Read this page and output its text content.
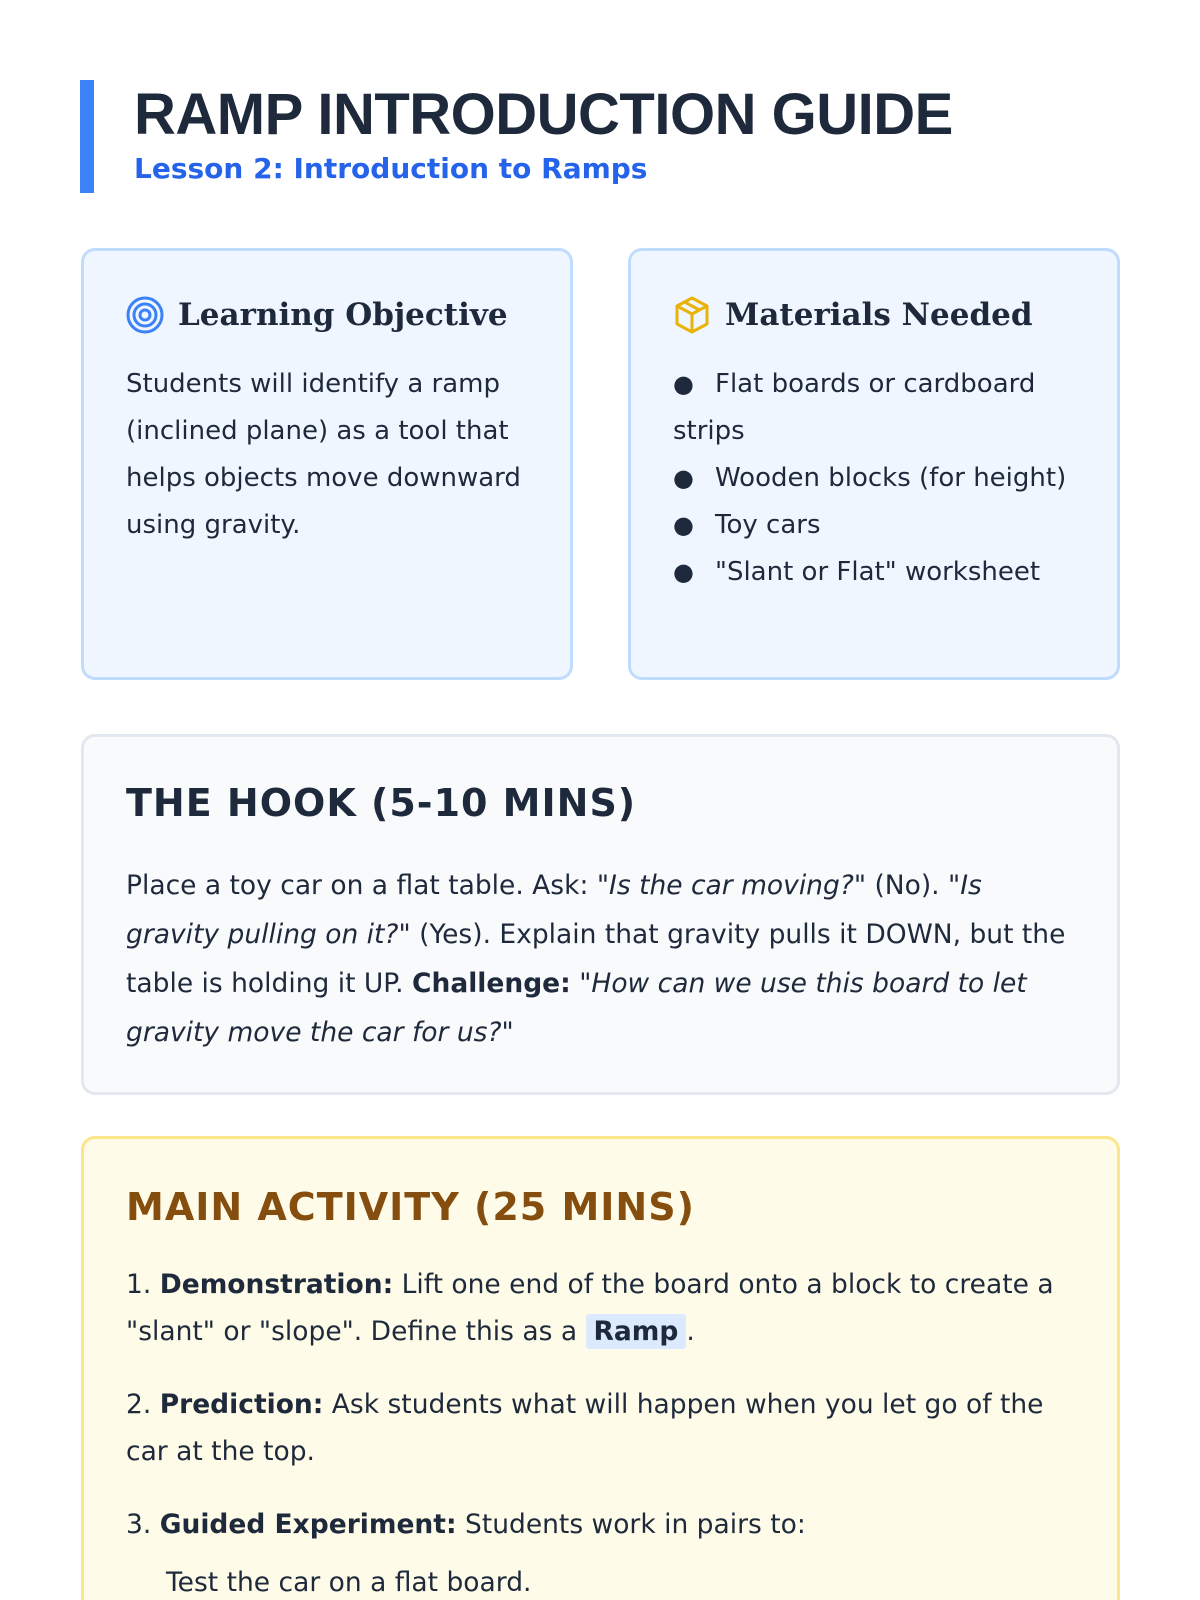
RAMP INTRODUCTION GUIDE
Lesson 2: Introduction to Ramps
Learning Objective

Students will identify a ramp (inclined plane) as a tool that helps objects move downward using gravity.

Materials Needed
● Flat boards or cardboard strips
● Wooden blocks (for height)
● Toy cars
● "Slant or Flat" worksheet
THE HOOK (5-10 MINS)

Place a toy car on a flat table. Ask: "Is the car moving?" (No). "Is gravity pulling on it?" (Yes). Explain that gravity pulls it DOWN, but the table is holding it UP. Challenge: "How can we use this board to let gravity move the car for us?"

MAIN ACTIVITY (25 MINS)

1. Demonstration: Lift one end of the board onto a block to create a "slant" or "slope". Define this as a Ramp .

2. Prediction: Ask students what will happen when you let go of the car at the top.

3. Guided Experiment: Students work in pairs to:

Test the car on a flat board.
